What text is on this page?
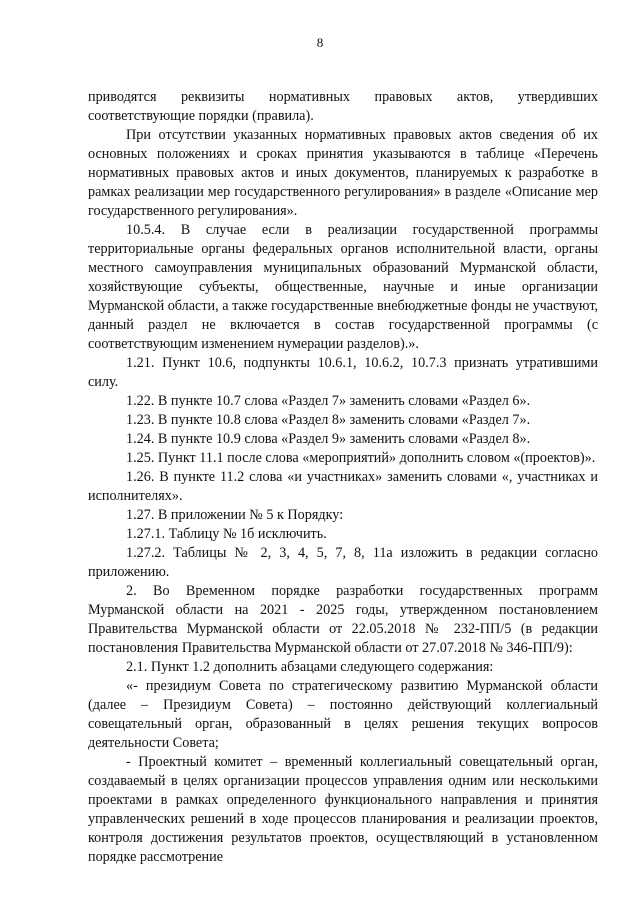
8

приводятся реквизиты нормативных правовых актов, утвердивших соответствующие порядки (правила).

При отсутствии указанных нормативных правовых актов сведения об их основных положениях и сроках принятия указываются в таблице «Перечень нормативных правовых актов и иных документов, планируемых к разработке в рамках реализации мер государственного регулирования» в разделе «Описание мер государственного регулирования».

10.5.4. В случае если в реализации государственной программы территориальные органы федеральных органов исполнительной власти, органы местного самоуправления муниципальных образований Мурманской области, хозяйствующие субъекты, общественные, научные и иные организации Мурманской области, а также государственные внебюджетные фонды не участвуют, данный раздел не включается в состав государственной программы (с соответствующим изменением нумерации разделов).».

1.21. Пункт 10.6, подпункты 10.6.1, 10.6.2, 10.7.3 признать утратившими силу.

1.22. В пункте 10.7 слова «Раздел 7» заменить словами «Раздел 6».

1.23. В пункте 10.8 слова «Раздел 8» заменить словами «Раздел 7».

1.24. В пункте 10.9 слова «Раздел 9» заменить словами «Раздел 8».

1.25. Пункт 11.1 после слова «мероприятий» дополнить словом «(проектов)».

1.26. В пункте 11.2 слова «и участниках» заменить словами «, участниках и исполнителях».

1.27. В приложении № 5 к Порядку:

1.27.1. Таблицу № 1б исключить.

1.27.2. Таблицы № 2, 3, 4, 5, 7, 8, 11а изложить в редакции согласно приложению.

2. Во Временном порядке разработки государственных программ Мурманской области на 2021 - 2025 годы, утвержденном постановлением Правительства Мурманской области от 22.05.2018 № 232-ПП/5 (в редакции постановления Правительства Мурманской области от 27.07.2018 № 346-ПП/9):

2.1. Пункт 1.2 дополнить абзацами следующего содержания:

«- президиум Совета по стратегическому развитию Мурманской области (далее – Президиум Совета) – постоянно действующий коллегиальный совещательный орган, образованный в целях решения текущих вопросов деятельности Совета;

- Проектный комитет – временный коллегиальный совещательный орган, создаваемый в целях организации процессов управления одним или несколькими проектами в рамках определенного функционального направления и принятия управленческих решений в ходе процессов планирования и реализации проектов, контроля достижения результатов проектов, осуществляющий в установленном порядке рассмотрение
